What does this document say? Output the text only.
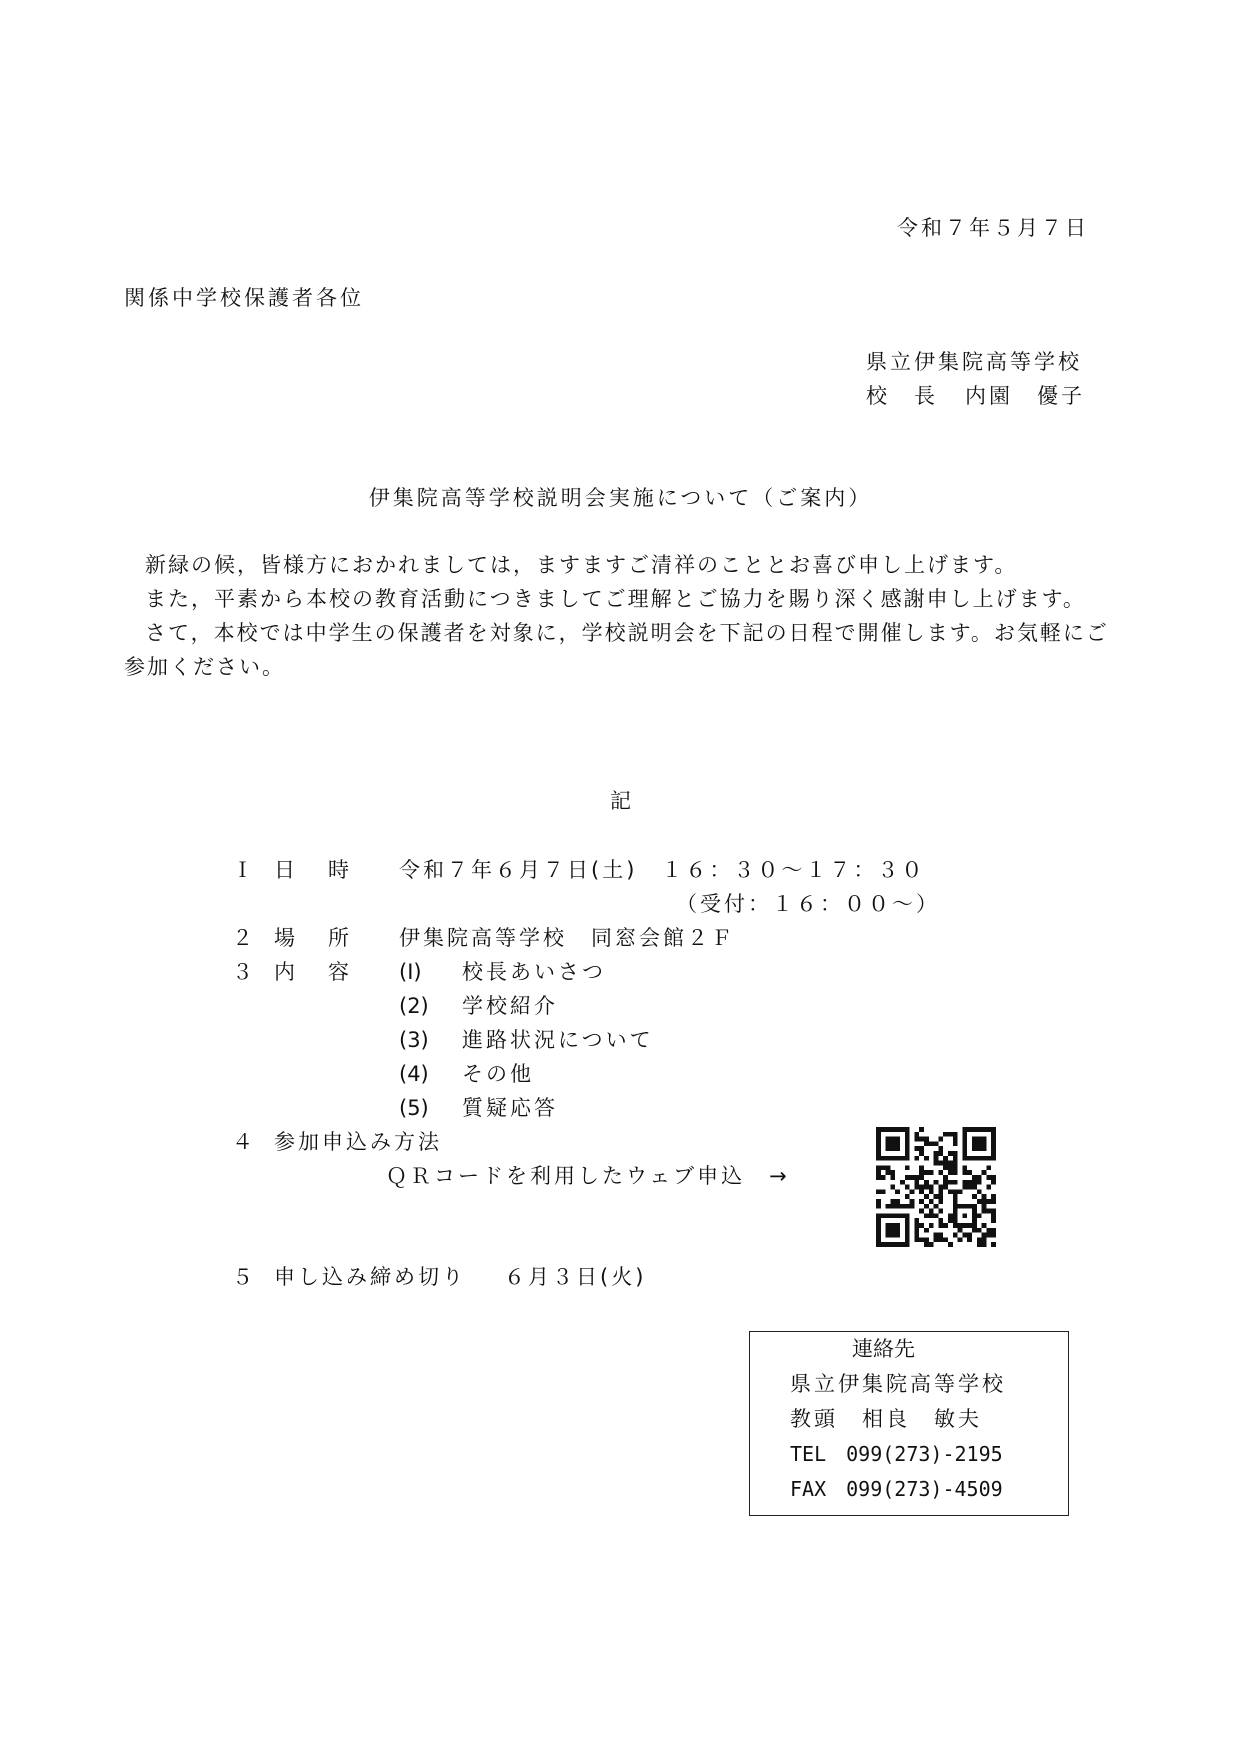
令和７年５月７日
関係中学校保護者各位
県立伊集院高等学校
校　長 内園　優子
伊集院高等学校説明会実施について（ご案内）

新緑の候，皆様方におかれましては，ますますご清祥のこととお喜び申し上げます。

また，平素から本校の教育活動につきましてご理解とご協力を賜り深く感謝申し上げます。

さて，本校では中学生の保護者を対象に，学校説明会を下記の日程で開催します。お気軽にご参加ください。

記
Ｉ 日　時 令和７年６月７日(土)　１６：３０～１７：３０
（受付：１６：００～）
２ 場　所 伊集院高等学校　同窓会館２Ｆ
３ 内　容 (I) 校長あいさつ
(2) 学校紹介
(3) 進路状況について
(4) その他
(5) 質疑応答
４ 参加申込み方法
ＱＲコードを利用したウェブ申込　→
５ 申し込み締め切り ６月３日(火)
連絡先
県立伊集院高等学校
教頭　相良　敏夫
TEL　099(273)-2195
FAX　099(273)-4509
